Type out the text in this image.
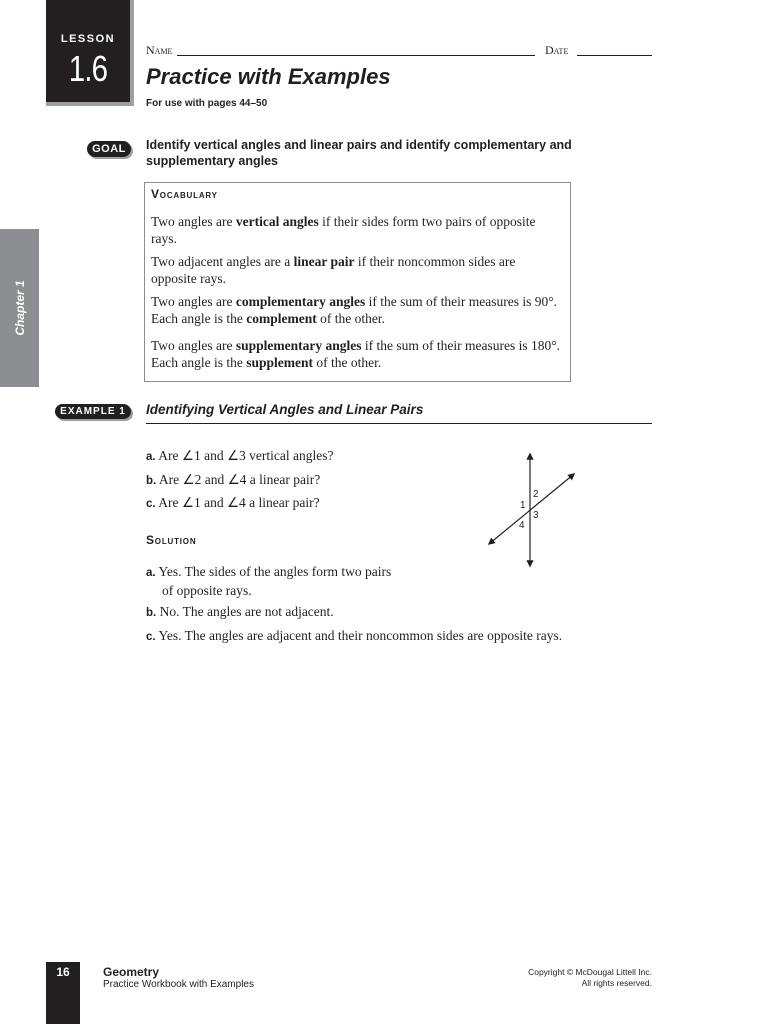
LESSON
1.6	Name	Date
Practice with Examples
For use with pages 44–50
Chapter 1
GOAL	Identify vertical angles and linear pairs and identify complementary and supplementary angles
Vocabulary
Two angles are vertical angles if their sides form two pairs of opposite rays.
Two adjacent angles are a linear pair if their noncommon sides are opposite rays.
Two angles are complementary angles if the sum of their measures is 90°. Each angle is the complement of the other.
Two angles are supplementary angles if the sum of their measures is 180°. Each angle is the supplement of the other.
EXAMPLE 1	Identifying Vertical Angles and Linear Pairs
a. Are ∠1 and ∠3 vertical angles?
b. Are ∠2 and ∠4 a linear pair?
c. Are ∠1 and ∠4 a linear pair?	1
2
3
4
Solution
a. Yes. The sides of the angles form two pairs
of opposite rays.
b. No. The angles are not adjacent.
c. Yes. The angles are adjacent and their noncommon sides are opposite rays.
16	Geometry
Practice Workbook with Examples
Copyright © McDougal Littell Inc.
All rights reserved.
